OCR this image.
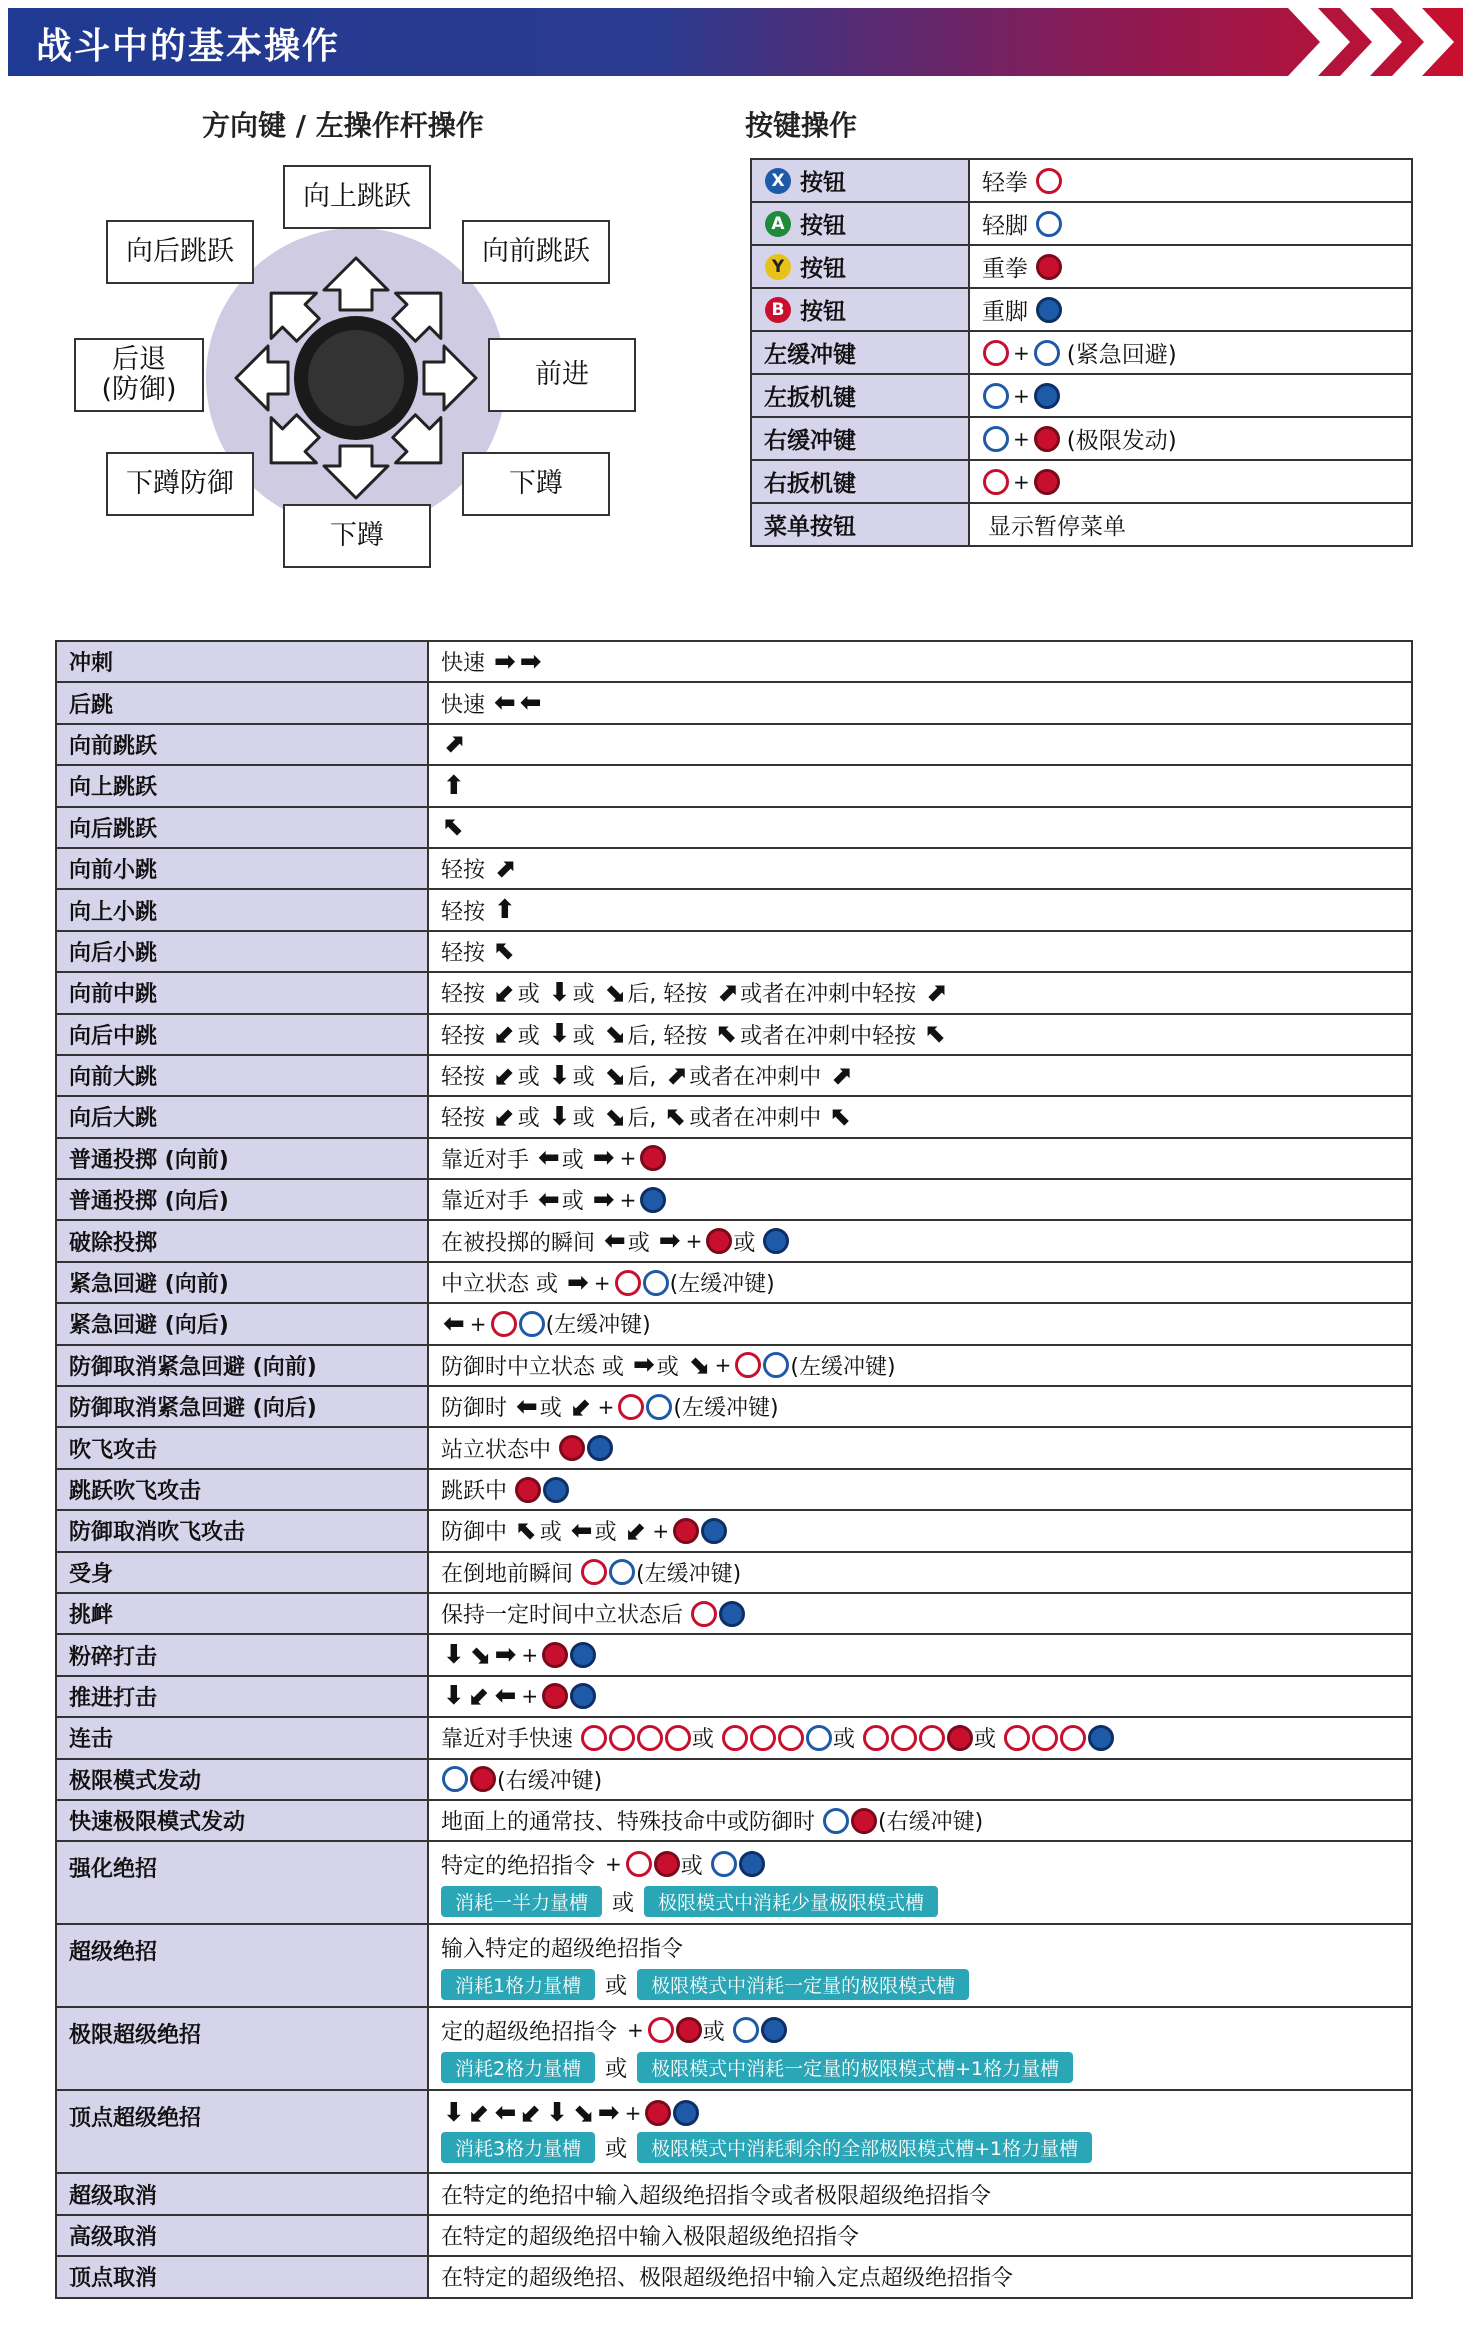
战斗中的基本操作
方向键 / 左操作杆操作	按键操作
向上跳跃
向后跳跃	向前跳跃
后退
(防御)	前进
下蹲防御	下蹲
下蹲
X 按钮	轻拳
A 按钮	轻脚
Y 按钮	重拳
B 按钮	重脚
左缓冲键	+ (紧急回避)
左扳机键	+
右缓冲键	+ (极限发动)
右扳机键	+
菜单按钮	显示暂停菜单
冲刺	快速 ➡ ➡

后跳	快速 ⬅ ⬅

向前跳跃	⬈

向上跳跃	⬆

向后跳跃	⬉

向前小跳	轻按 ⬈

向上小跳	轻按 ⬆

向后小跳	轻按 ⬉

向前中跳	轻按 ⬋或 ⬇或 ⬊后, 轻按 ⬈或者在冲刺中轻按 ⬈

向后中跳	轻按 ⬋或 ⬇或 ⬊后, 轻按 ⬉或者在冲刺中轻按 ⬉

向前大跳	轻按 ⬋或 ⬇或 ⬊后, ⬈或者在冲刺中 ⬈

向后大跳	轻按 ⬋或 ⬇或 ⬊后, ⬉或者在冲刺中 ⬉

普通投掷 (向前)	靠近对手 ⬅或 ➡ +

普通投掷 (向后)	靠近对手 ⬅或 ➡ +

破除投掷	在被投掷的瞬间 ⬅或 ➡ + 或

紧急回避 (向前)	中立状态 或 ➡ + (左缓冲键)

紧急回避 (向后)	⬅ + (左缓冲键)

防御取消紧急回避 (向前)	防御时中立状态 或 ➡或 ⬊ + (左缓冲键)

防御取消紧急回避 (向后)	防御时 ⬅或 ⬋ + (左缓冲键)

吹飞攻击	站立状态中

跳跃吹飞攻击	跳跃中

防御取消吹飞攻击	防御中 ⬉或 ⬅或 ⬋ +

受身	在倒地前瞬间 (左缓冲键)

挑衅	保持一定时间中立状态后

粉碎打击	⬇ ⬊ ➡ +

推进打击	⬇ ⬋ ⬅ +

连击	靠近对手快速 或 或 或

极限模式发动	(右缓冲键)

快速极限模式发动	地面上的通常技、特殊技命中或防御时 (右缓冲键)

强化绝招	特定的绝招指令 + 或
消耗一半力量槽 或 极限模式中消耗少量极限模式槽

超级绝招	输入特定的超级绝招指令
消耗1格力量槽 或 极限模式中消耗一定量的极限模式槽

极限超级绝招	定的超级绝招指令 + 或
消耗2格力量槽 或 极限模式中消耗一定量的极限模式槽+1格力量槽

顶点超级绝招	⬇ ⬋ ⬅ ⬋ ⬇ ⬊ ➡ +
消耗3格力量槽 或 极限模式中消耗剩余的全部极限模式槽+1格力量槽

超级取消	在特定的绝招中输入超级绝招指令或者极限超级绝招指令

高级取消	在特定的超级绝招中输入极限超级绝招指令

顶点取消	在特定的超级绝招、极限超级绝招中输入定点超级绝招指令
